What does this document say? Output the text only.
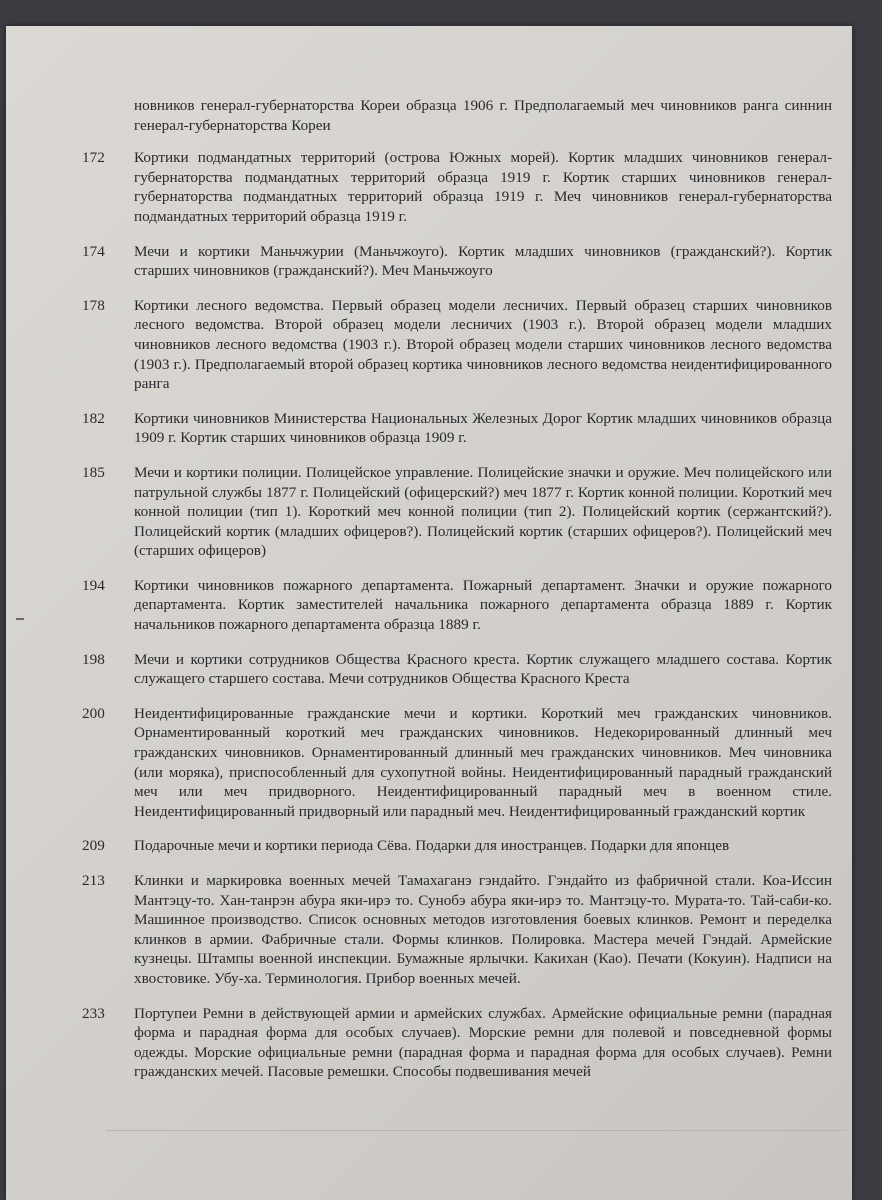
новников генерал-губернаторства Кореи образца 1906 г. Предполагаемый меч чиновников ранга синнин генерал-губернаторства Кореи
172	Кортики подмандатных территорий (острова Южных морей). Кортик младших чиновников генерал-губернаторства подмандатных территорий образца 1919 г. Кортик старших чиновников генерал-губернаторства подмандатных территорий образца 1919 г. Меч чиновников генерал-губернаторства подмандатных территорий образца 1919 г.
174	Мечи и кортики Маньчжурии (Маньчжоуго). Кортик младших чиновников (гражданский?). Кортик старших чиновников (гражданский?). Меч Маньчжоуго
178	Кортики лесного ведомства. Первый образец модели лесничих. Первый образец старших чиновников лесного ведомства. Второй образец модели лесничих (1903 г.). Второй образец модели младших чиновников лесного ведомства (1903 г.). Второй образец модели старших чиновников лесного ведомства (1903 г.). Предполагаемый второй образец кортика чиновников лесного ведомства неидентифицированного ранга
182	Кортики чиновников Министерства Национальных Железных Дорог Кортик младших чиновников образца 1909 г. Кортик старших чиновников образца 1909 г.
185	Мечи и кортики полиции. Полицейское управление. Полицейские значки и оружие. Меч полицейского или патрульной службы 1877 г. Полицейский (офицерский?) меч 1877 г. Кортик конной полиции. Короткий меч конной полиции (тип 1). Короткий меч конной полиции (тип 2). Полицейский кортик (сержантский?). Полицейский кортик (младших офицеров?). Полицейский кортик (старших офицеров?). Полицейский меч (старших офицеров)
194	Кортики чиновников пожарного департамента. Пожарный департамент. Значки и оружие пожарного департамента. Кортик заместителей начальника пожарного департамента образца 1889 г. Кортик начальников пожарного департамента образца 1889 г.
198	Мечи и кортики сотрудников Общества Красного креста. Кортик служащего младшего состава. Кортик служащего старшего состава. Мечи сотрудников Общества Красного Креста
200	Неидентифицированные гражданские мечи и кортики. Короткий меч гражданских чиновников. Орнаментированный короткий меч гражданских чиновников. Недекорированный длинный меч гражданских чиновников. Орнаментированный длинный меч гражданских чиновников. Меч чиновника (или моряка), приспособленный для сухопутной войны. Неидентифицированный парадный гражданский меч или меч придворного. Неидентифицированный парадный меч в военном стиле. Неидентифицированный придворный или парадный меч. Неидентифицированный гражданский кортик
209	Подарочные мечи и кортики периода Сёва. Подарки для иностранцев. Подарки для японцев
213	Клинки и маркировка военных мечей Тамахаганэ гэндайто. Гэндайто из фабричной стали. Коа-Иссин Мантэцу-то. Хан-танрэн абура яки-ирэ то. Сунобэ абура яки-ирэ то. Мантэцу-то. Мурата-то. Тай-саби-ко. Машинное производство. Список основных методов изготовления боевых клинков. Ремонт и переделка клинков в армии. Фабричные стали. Формы клинков. Полировка. Мастера мечей Гэндай. Армейские кузнецы. Штампы военной инспекции. Бумажные ярлычки. Какихан (Као). Печати (Кокуин). Надписи на хвостовике. Убу-ха. Терминология. Прибор военных мечей.
233	Портупеи Ремни в действующей армии и армейских службах. Армейские официальные ремни (парадная форма и парадная форма для особых случаев). Морские ремни для полевой и повседневной формы одежды. Морские официальные ремни (парадная форма и парадная форма для особых случаев). Ремни гражданских мечей. Пасовые ремешки. Способы подвешивания мечей
